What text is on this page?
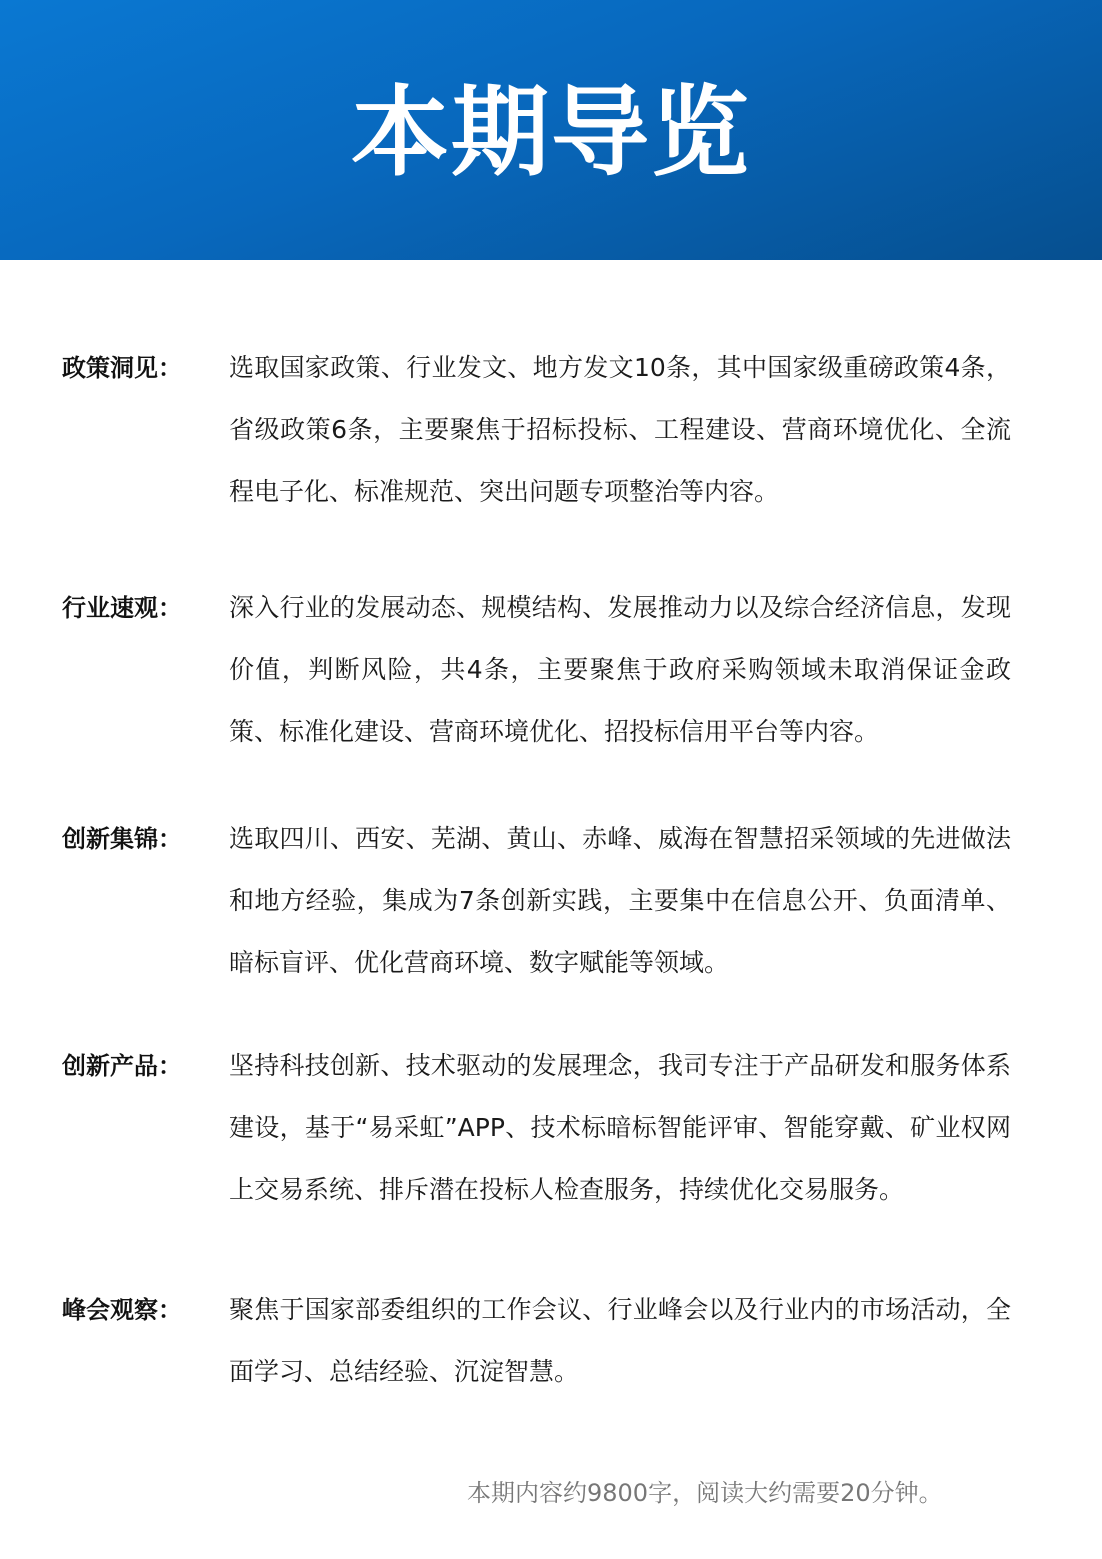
本期导览
政策洞见：	选取国家政策、行业发文、地方发文10条，其中国家级重磅政策4条，省级政策6条，主要聚焦于招标投标、工程建设、营商环境优化、全流程电子化、标准规范、突出问题专项整治等内容。

行业速观：	深入行业的发展动态、规模结构、发展推动力以及综合经济信息，发现价值，判断风险，共4条，主要聚焦于政府采购领域未取消保证金政策、标准化建设、营商环境优化、招投标信用平台等内容。

创新集锦：	选取四川、西安、芜湖、黄山、赤峰、威海在智慧招采领域的先进做法和地方经验，集成为7条创新实践，主要集中在信息公开、负面清单、暗标盲评、优化营商环境、数字赋能等领域。

创新产品：	坚持科技创新、技术驱动的发展理念，我司专注于产品研发和服务体系建设，基于“易采虹”APP、技术标暗标智能评审、智能穿戴、矿业权网上交易系统、排斥潜在投标人检查服务，持续优化交易服务。

峰会观察：	聚焦于国家部委组织的工作会议、行业峰会以及行业内的市场活动，全面学习、总结经验、沉淀智慧。

本期内容约9800字，阅读大约需要20分钟。
